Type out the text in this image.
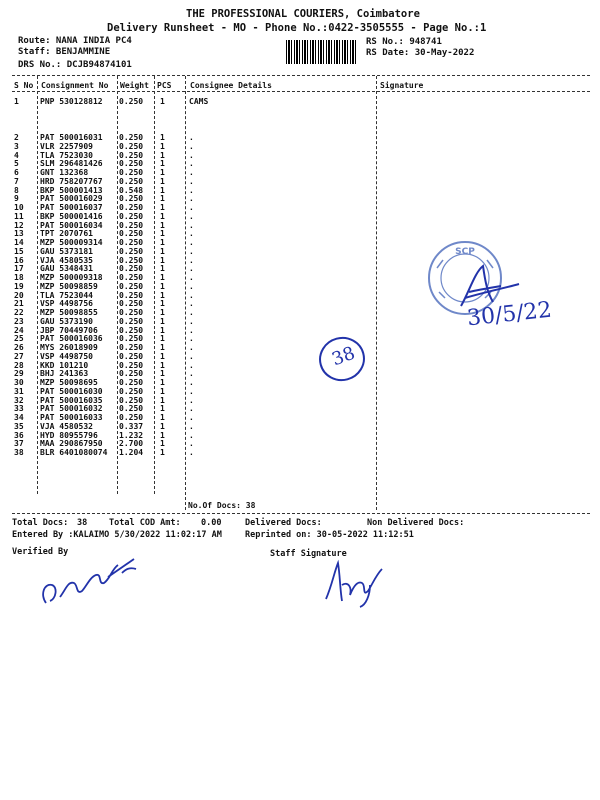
THE PROFESSIONAL COURIERS, Coimbatore
Delivery Runsheet - MO - Phone No.:0422-3505555 - Page No.:1
Route: NANA INDIA PC4
Staff: BENJAMMINE
DRS No.: DCJB94874101
RS No.: 948741
RS Date: 30-May-2022
S No Consignment No Weight PCS Consignee Details	Signature
1	PNP 530128812 0.250 1	CAMS
2	PAT 500016031 0.250 1	.
3	VLR 2257909	0.250 1	.
4	TLA 7523030	0.250 1	.
5	SLM 296481426 0.250 1	.
6	GNT 132368	0.250 1	.
7	HRD 758207767 0.250 1	.
8	BKP 500001413 0.548 1	.
9	PAT 500016029 0.250 1	.
10 PAT 500016037 0.250 1	.
11 BKP 500001416 0.250 1	.
12 PAT 500016034 0.250 1	.
13 TPT 2070761	0.250 1	.
14 MZP 500009314 0.250 1	.
15 GAU 5373181	0.250 1	.
16 VJA 4580535	0.250 1	.
17 GAU 5348431	0.250 1	.
18 MZP 500009318 0.250 1	.
19 MZP 50098859	0.250 1	.
20 TLA 7523044	0.250 1	.
21 VSP 4498756	0.250 1	.
22 MZP 50098855	0.250 1	.
23 GAU 5373190	0.250 1	.
24 JBP 70449706	0.250 1	.
25 PAT 500016036 0.250 1	.
26 MYS 26018909	0.250 1	.
27 VSP 4498750	0.250 1	.
28 KKD 101210	0.250 1	.
29 BHJ 241363	0.250 1	.
30 MZP 50098695	0.250 1	.
31 PAT 500016030 0.250 1	.
32 PAT 500016035 0.250 1	.
33 PAT 500016032 0.250 1	.
34 PAT 500016033 0.250 1	.
35 VJA 4580532	0.337 1	.
36 HYD 80955796	1.232 1	.
37 MAA 290867950 2.700 1	.
38 BLR 6401080074 1.204 1	.
No.Of Docs: 38
Total Docs: 38	Total COD Amt: 0.00	Delivered Docs:	Non Delivered Docs:
Entered By :KALAIMO 5/30/2022 11:02:17 AM	Reprinted on: 30-05-2022 11:12:51
Verified By	Staff Signature
SCP
30/5/22
38
